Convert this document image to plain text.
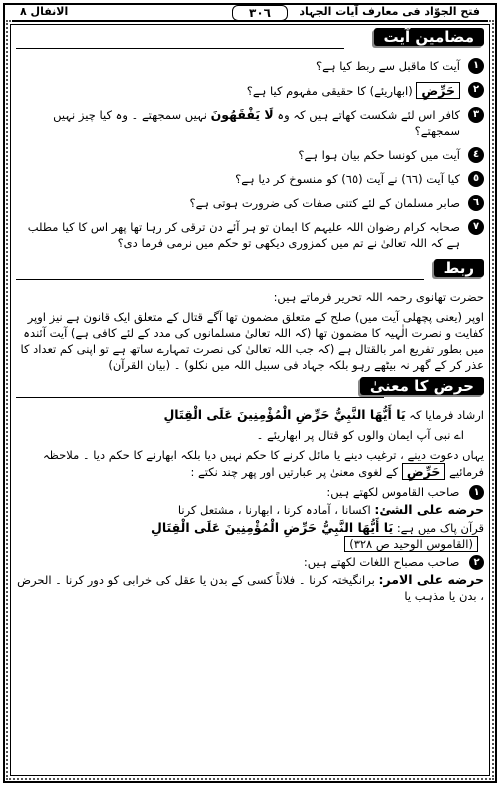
الانفال ٨	٣٠٦	فتح الجوّاد فی معارف آیات الجہاد
مضامین آیت
١
آیت کا ماقبل سے ربط کیا ہے؟
٢
حَرِّضِ (ابھاریئے) کا حقیقی مفہوم کیا ہے؟
٣
کافر اس لئے شکست کھاتے ہیں کہ وہ لَا يَفْقَهُونَ نہیں سمجھتے ۔ وہ کیا چیز نہیں سمجھتے؟
٤
آیت میں کونسا حکم بیان ہوا ہے؟
٥
کیا آیت (٦٦) نے آیت (٦٥) کو منسوخ کر دیا ہے؟
٦
صابر مسلمان کے لئے کتنی صفات کی ضرورت ہوتی ہے؟
٧
صحابہ کرام رضوان اللہ علیہم کا ایمان تو ہر آئے دن ترقی کر رہا تھا پھر اس کا کیا مطلب ہے کہ اللہ تعالیٰ نے تم میں کمزوری دیکھی تو حکم میں نرمی فرما دی؟
ربط

حضرت تھانوی رحمہ اللہ تحریر فرماتے ہیں:

اوپر (یعنی پچھلی آیت میں) صلح کے متعلق مضمون تھا آگے قتال کے متعلق ایک قانون ہے نیز اوپر کفایت و نصرت الٰہیہ کا مضمون تھا (کہ اللہ تعالیٰ مسلمانوں کی مدد کے لئے کافی ہے) آیت آئندہ میں بطور تفریع امر بالقتال ہے (کہ جب اللہ تعالیٰ کی نصرت تمہارے ساتھ ہے تو اپنی کم تعداد کا عذر کر کے گھر نہ بیٹھے رہو بلکہ جہاد فی سبیل اللہ میں نکلو) ۔ (بیان القرآن)

حرض کا معنیٰ

ارشاد فرمایا کہ يَا أَيُّهَا النَّبِيُّ حَرِّضِ الْمُؤْمِنِينَ عَلَى الْقِتَالِ

اے نبی آپ ایمان والوں کو قتال پر ابھاریئے ۔

یہاں دعوت دینے ، ترغیب دینے یا مائل کرنے کا حکم نہیں دیا بلکہ ابھارنے کا حکم دیا ۔ ملاحظہ فرمائیے حَرِّضِ کے لغوی معنیٰ پر عبارتیں اور پھر چند نکتے :

١ صاحب القاموس لکھتے ہیں:

حرضه على الشئ: اکسانا ، آمادہ کرنا ، ابھارنا ، مشتعل کرنا

قرآن پاک میں ہے: يَا أَيُّهَا النَّبِيُّ حَرِّضِ الْمُؤْمِنِينَ عَلَى الْقِتَالِ (القاموس الوحید ص ٣٢٨)

٢ صاحب مصباح اللغات لکھتے ہیں:

حرضه على الامر: برانگیختہ کرنا ۔ فلاناً کسی کے بدن یا عقل کی خرابی کو دور کرنا ۔ الحرض ، بدن یا مذہب یا
